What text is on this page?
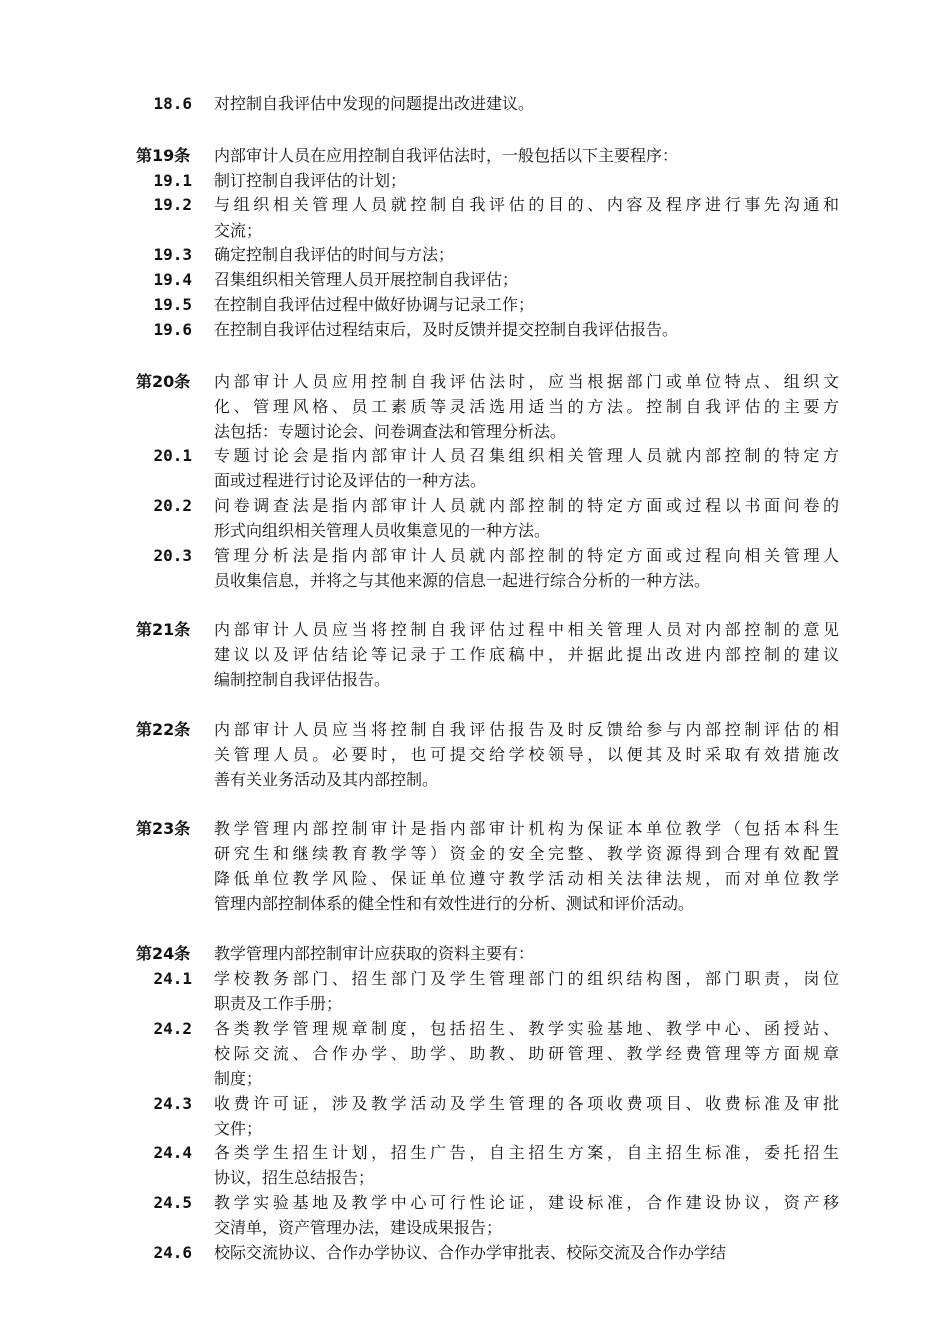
18.6 对控制自我评估中发现的问题提出改进建议。
第19条 内部审计人员在应用控制自我评估法时，一般包括以下主要程序：
19.1 制订控制自我评估的计划；
19.2 与组织相关管理人员就控制自我评估的目的、内容及程序进行事先沟通和
交流；
19.3 确定控制自我评估的时间与方法；
19.4 召集组织相关管理人员开展控制自我评估；
19.5 在控制自我评估过程中做好协调与记录工作；
19.6 在控制自我评估过程结束后，及时反馈并提交控制自我评估报告。
第20条 内部审计人员应用控制自我评估法时，应当根据部门或单位特点、组织文
化、管理风格、员工素质等灵活选用适当的方法。控制自我评估的主要方
法包括：专题讨论会、问卷调查法和管理分析法。
20.1 专题讨论会是指内部审计人员召集组织相关管理人员就内部控制的特定方
面或过程进行讨论及评估的一种方法。
20.2 问卷调查法是指内部审计人员就内部控制的特定方面或过程以书面问卷的
形式向组织相关管理人员收集意见的一种方法。
20.3 管理分析法是指内部审计人员就内部控制的特定方面或过程向相关管理人
员收集信息，并将之与其他来源的信息一起进行综合分析的一种方法。
第21条 内部审计人员应当将控制自我评估过程中相关管理人员对内部控制的意见
建议以及评估结论等记录于工作底稿中，并据此提出改进内部控制的建议
编制控制自我评估报告。
第22条 内部审计人员应当将控制自我评估报告及时反馈给参与内部控制评估的相
关管理人员。必要时，也可提交给学校领导，以便其及时采取有效措施改
善有关业务活动及其内部控制。
第23条 教学管理内部控制审计是指内部审计机构为保证本单位教学（包括本科生
研究生和继续教育教学等）资金的安全完整、教学资源得到合理有效配置
降低单位教学风险、保证单位遵守教学活动相关法律法规，而对单位教学
管理内部控制体系的健全性和有效性进行的分析、测试和评价活动。
第24条 教学管理内部控制审计应获取的资料主要有：
24.1 学校教务部门、招生部门及学生管理部门的组织结构图，部门职责，岗位
职责及工作手册；
24.2 各类教学管理规章制度，包括招生、教学实验基地、教学中心、函授站、
校际交流、合作办学、助学、助教、助研管理、教学经费管理等方面规章
制度；
24.3 收费许可证，涉及教学活动及学生管理的各项收费项目、收费标准及审批
文件；
24.4 各类学生招生计划，招生广告，自主招生方案，自主招生标准，委托招生
协议，招生总结报告；
24.5 教学实验基地及教学中心可行性论证，建设标准，合作建设协议，资产移
交清单，资产管理办法，建设成果报告；
24.6 校际交流协议、合作办学协议、合作办学审批表、校际交流及合作办学结
